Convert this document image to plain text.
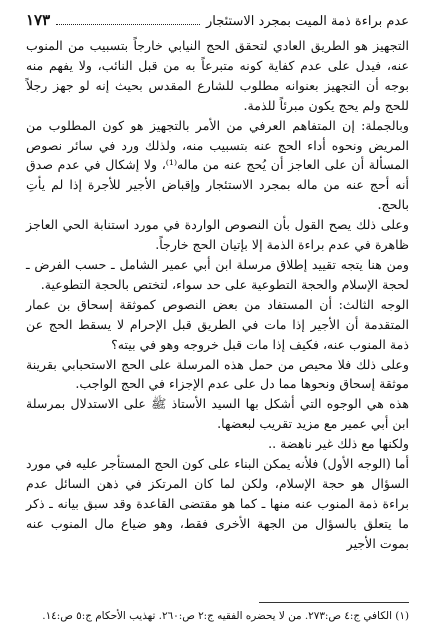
عدم براءة ذمة الميت بمجرد الاستئجار
١٧٣

التجهيز هو الطريق العادي لتحقق الحج النيابي خارجاً بتسبيب من المنوب عنه، فيدل على عدم كفاية كونه متبرعاً به من قبل النائب، ولا يفهم منه بوجه أن التجهيز بعنوانه مطلوب للشارع المقدس بحيث إنه لو جهز رجلاً للحج ولم يحج يكون مبرئاً للذمة.

وبالجملة: إن المتفاهم العرفي من الأمر بالتجهيز هو كون المطلوب من المريض ونحوه أداء الحج عنه بتسبيب منه، ولذلك ورد في سائر نصوص المسألة أن على العاجز أن يُحج عنه من ماله⁽¹⁾، ولا إشكال في عدم صدق أنه أحج عنه من ماله بمجرد الاستئجار وإقباض الأجير للأجرة إذا لم يأتِ بالحج.

وعلى ذلك يصح القول بأن النصوص الواردة في مورد استنابة الحي العاجز ظاهرة في عدم براءة الذمة إلا بإتيان الحج خارجاً.

ومن هنا يتجه تقييد إطلاق مرسلة ابن أبي عمير الشامل ـ حسب الفرض ـ لحجة الإسلام والحجة التطوعية على حد سواء، لتختص بالحجة التطوعية.

الوجه الثالث: أن المستفاد من بعض النصوص كموثقة إسحاق بن عمار المتقدمة أن الأجير إذا مات في الطريق قبل الإحرام لا يسقط الحج عن ذمة المنوب عنه، فكيف إذا مات قبل خروجه وهو في بيته؟

وعلى ذلك فلا محيص من حمل هذه المرسلة على الحج الاستحبابي بقرينة موثقة إسحاق ونحوها مما دل على عدم الإجزاء في الحج الواجب.

هذه هي الوجوه التي أشكل بها السيد الأستاذ ﷺ على الاستدلال بمرسلة ابن أبي عمير مع مزيد تقريب لبعضها.

ولكنها مع ذلك غير ناهضة ..

أما (الوجه الأول) فلأنه يمكن البناء على كون الحج المستأجر عليه في مورد السؤال هو حجة الإسلام، ولكن لما كان المرتكز في ذهن السائل عدم براءة ذمة المنوب عنه منها ـ كما هو مقتضى القاعدة وقد سبق بيانه ـ ذكر ما يتعلق بالسؤال من الجهة الأخرى فقط، وهو ضياع مال المنوب عنه بموت الأجير

(١) الكافي ج:٤ ص:٢٧٣. من لا يحضره الفقيه ج:٢ ص:٢٦٠. تهذيب الأحكام ج:٥ ص:١٤.
